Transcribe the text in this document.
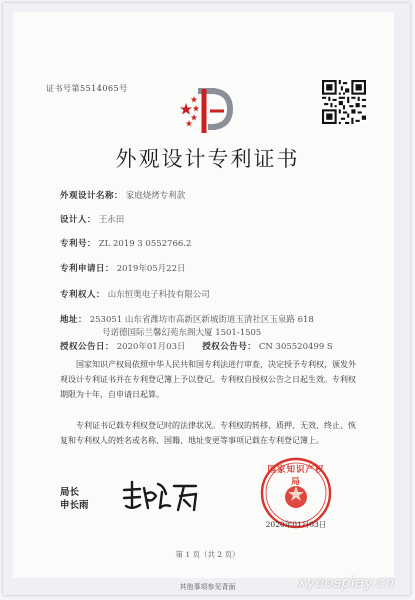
证书号第5514065号
外观设计专利证书
外观设计名称： 家庭烧烤专利款
设计人： 王永田
专利号： ZL 2019 3 0552766.2
专利申请日： 2019年05月22日
专利权人： 山东恒奥电子科技有限公司
地址： 253051 山东省潍坊市高新区新城街道玉清社区玉泉路 618
号诺德国际兰馨幻苑东阁大厦 1501-1505
授权公告日： 2020年01月03日 授权公告号： CN 305520499 S
国家知识产权局依照中华人民共和国专利法进行审查，决定授予专利权，颁发外观设计专利证书并在专利登记簿上予以登记。专利权自授权公告之日起生效。专利权期限为十年，自申请日起算。
专利证书记载专利权登记时的法律状况。专利权的转移、质押、无效、终止、恢复和专利权人的姓名或名称、国籍、地址变更等事项记载在专利登记簿上。
局长
申长雨
国家知识产权局
2020年01月03日
第 1 页（共 2 页）
其他事项参见背面	xyoosplay.cn
